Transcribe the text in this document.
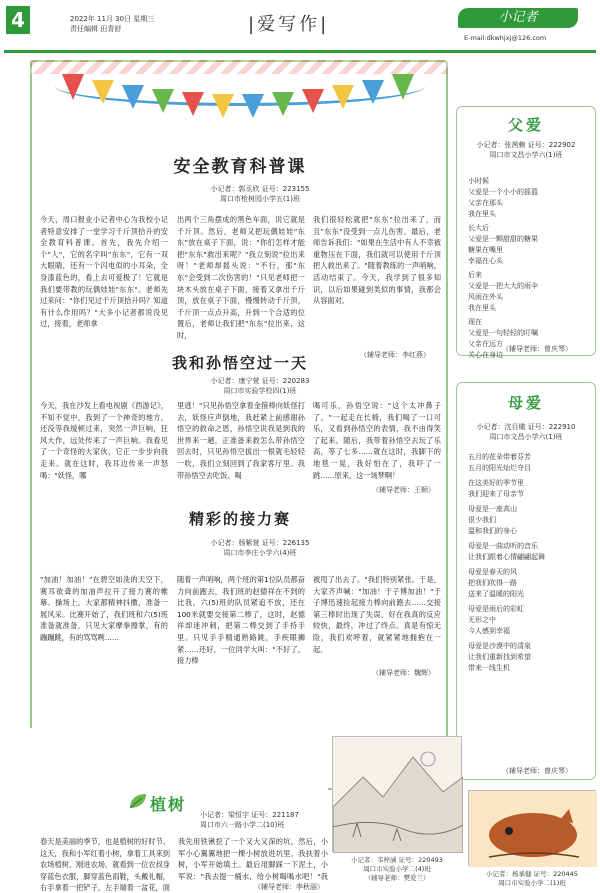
4	2022年 11月 30日 星期三
责任编辑 田青舒	|爱写作|	小记者
E-mail:dkwhjxj@126.com
安全教育科普课
小记者：郭丞欣 证号：223155
周口市枪树园小学五(1)班
今天，周口报业小记者中心为我校小记者特意安排了一堂学习千斤顶拾升的安全教育科普课。首先，我先介绍一个"人"，它的名字叫"东东"，它有一双大眼睛，还有一个闪电似的小耳朵，全身漆蓝色的，看上去可爱极了！它就是我们要带教的玩偶娃娃"东东"。老师先过来问："你们见过千斤顶拾升吗？知道有什么作用吗？"大多小记者都说没见过，接着，老师拿
出两个三角摆成的黑色车面，说它就是千斤顶。然后，老师又把玩偶娃娃"东东"放在桌子下面，说："你们怎样才能把"东东"救出来呢？"我立刻说"拉出来呀！"老师却摇头说："不行，那"东东"会受到二次伤害的！"只见老师把一块木头放在桌子下面，接着又拿出千斤顶，放在桌子下面，慢慢转动千斤顶，千斤顶一点点升高，升到一个合适的位置后，老师让我们把"东东"拉出来，这时，
我们很轻松就把"东东"拉出来了，而且"东东"没受到一点儿伤害。最后，老师告诉我们："如果在生活中有人不幸被重物压在下面，我们就可以使用千斤顶把人救出来了。"随着教练的一声哨响，活动结束了。今天，我学到了很多知识，以后如果碰到类似的事情，我都会从容面对。
（辅导老师：李红燕）
我和孙悟空过一天
小记者：康宁萱 证号：220283
周口市实验学校四(1)班
今天，我在沙发上看电视剧《西游记》，不知不觉中，我到了一个神奇的地方，还没等我缓顿过来，突然一声巨响，狂风大作，远处传来了一声巨响。我看见了一个奇怪的大家伙，它正一步步向我走来。就在这时，我耳边传来一声怒喝："妖怪，哪
里逃！"只见孙悟空拿着金箍棒向妖怪打去，妖怪应声倒地，我赶紧上前感谢孙悟空的救命之恩，孙悟空说我是到我的世界来一趟，正准备来救怎么带孙悟空回去时，只见孙悟空拔出一根就毛轻轻一吹，我们立刻回到了我家客厅里。我带孙悟空去吃饭、喝
喝可乐，孙悟空说："这个太冲鼻子了。"一起走在长椅，我们喝了一口可乐，又看到孙悟空的表情，我不由得笑了起来。随后，我带着孙悟空去玩了乐高，等了七多……就在这时，我脚下的地毯一晃，我好怕在了，我吓了一跳……原来，这一场梦啊！
（辅导老师：王顺）
精彩的接力赛
小记者：杨紫萱 证号：226135
周口市李庄小学六(4)班
"加油！加油！"在碧空如洗的天空下，赛耳欲聋的加油声拉开了接力赛的帷幕。操场上，大家都精神抖擞，准备一展风采。比赛开始了，我们班和六(5)班准备就准备，只见大家摩拳擦掌，有的蹦蹦跳，有的骂骂咧……
随着一声哨响，两个班的第1位队员都奋力向前跑去，我们班的赵德祥在不到的比我，六(5)班的队员紧追不放，还在100米就要交接第二棒了，这时，赵德祥却迷冲刺，把第二棒交到了手持手里。只见手手精通熟路跳，手疾眼狮紧……还好，一位同学大叫："不好了，接力棒
被甩了出去了。"我们特别紧张。于是，大家齐声喊："加油！于子博加油！"于子博迅速捡起接力棒向前跑去……交接第三棒时出现了失误，好在我真的反应较快，最终，冲过了终点。真是有惊无险，我们欢呼着，就紧紧地拥抱在一起。
（辅导老师：魏辉）
父爱
小记者：张茜赖 证号：222902
周口市文昌小学六(1)班
小时候
父爱是一个小小的摇篮
父亲在那头
我在里头
长大后
父爱是一颗甜甜的糖果
糖果在嘴里
幸福在心头
后来
父爱是一把大大的雨伞
风雨在外头
我在里头
现在
父爱是一句轻轻的叮嘱
父亲在远方
关心在身边
（辅导老师：曾庆琴）
母爱
小记者：沈目橄 证号：222910
周口市文昌小学六(1)班
五月的花朵带着芬芳
五月的阳光灿烂夺目
在这美好的季节里
我们迎来了母亲节
母爱是一座高山
很少我们
温和我们的身心
母爱是一曲动听的音乐
让我们跟着心情翩翩起舞
母爱是春天的风
把我们吹得一路
送来了温暖的阳光
母爱是雨后的彩虹
无形之中
今人感到幸福
母爱是沙漠中的清泉
让我们重新找到希望
带来一线生机
（辅导老师：曾庆琴）
植树
小记者：梁恒宇 证号：221187
周口市六一路小学二(10)班
春天是美丽的季节，也是植树的好时节。这天，我和小军红着小树，拿着工具来到农场植树。刚进农场，就看到一位农叔身穿蓝色衣服，脚穿蓝色雨鞋，头戴礼帽，右手拿着一把铲子，左手端着一盆花，面
我先用铁锹挖了一个又大又深的坑，然后，小军小心翼翼地把一棵小树放进坑里。我扶着小树，小军开始填土。最后用脚踩一下泥土，小军说："我去提一桶水，给小树喝喝水吧！"我
（辅导老师：李秋丽）
小记者：韦梓涵 证号：220493
周口市实验小学二(4)班
（辅导老师：樊爱兰）	小记者：杨承健 证号：220445
周口市实验小学二(1)班
